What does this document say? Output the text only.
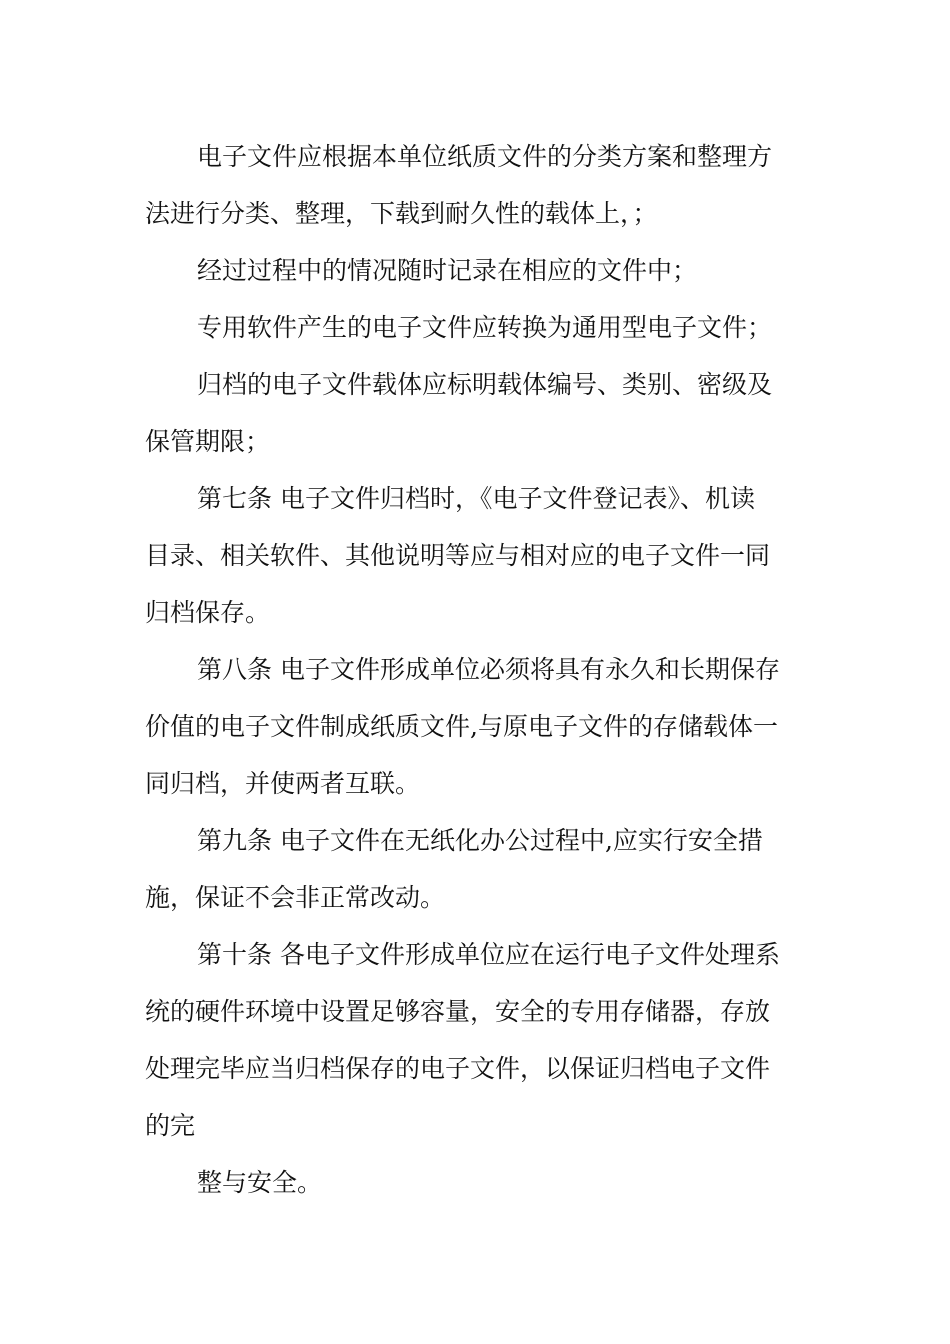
电子文件应根据本单位纸质文件的分类方案和整理方
法进行分类、整理，下载到耐久性的载体上，；
经过过程中的情况随时记录在相应的文件中；
专用软件产生的电子文件应转换为通用型电子文件；
归档的电子文件载体应标明载体编号、类别、密级及
保管期限；
第七条 电子文件归档时，《电子文件登记表》、机读
目录、相关软件、其他说明等应与相对应的电子文件一同
归档保存。
第八条 电子文件形成单位必须将具有永久和长期保存
价值的电子文件制成纸质文件,与原电子文件的存储载体一
同归档，并使两者互联。
第九条 电子文件在无纸化办公过程中,应实行安全措
施，保证不会非正常改动。
第十条 各电子文件形成单位应在运行电子文件处理系
统的硬件环境中设置足够容量，安全的专用存储器，存放
处理完毕应当归档保存的电子文件，以保证归档电子文件
的完
整与安全。
